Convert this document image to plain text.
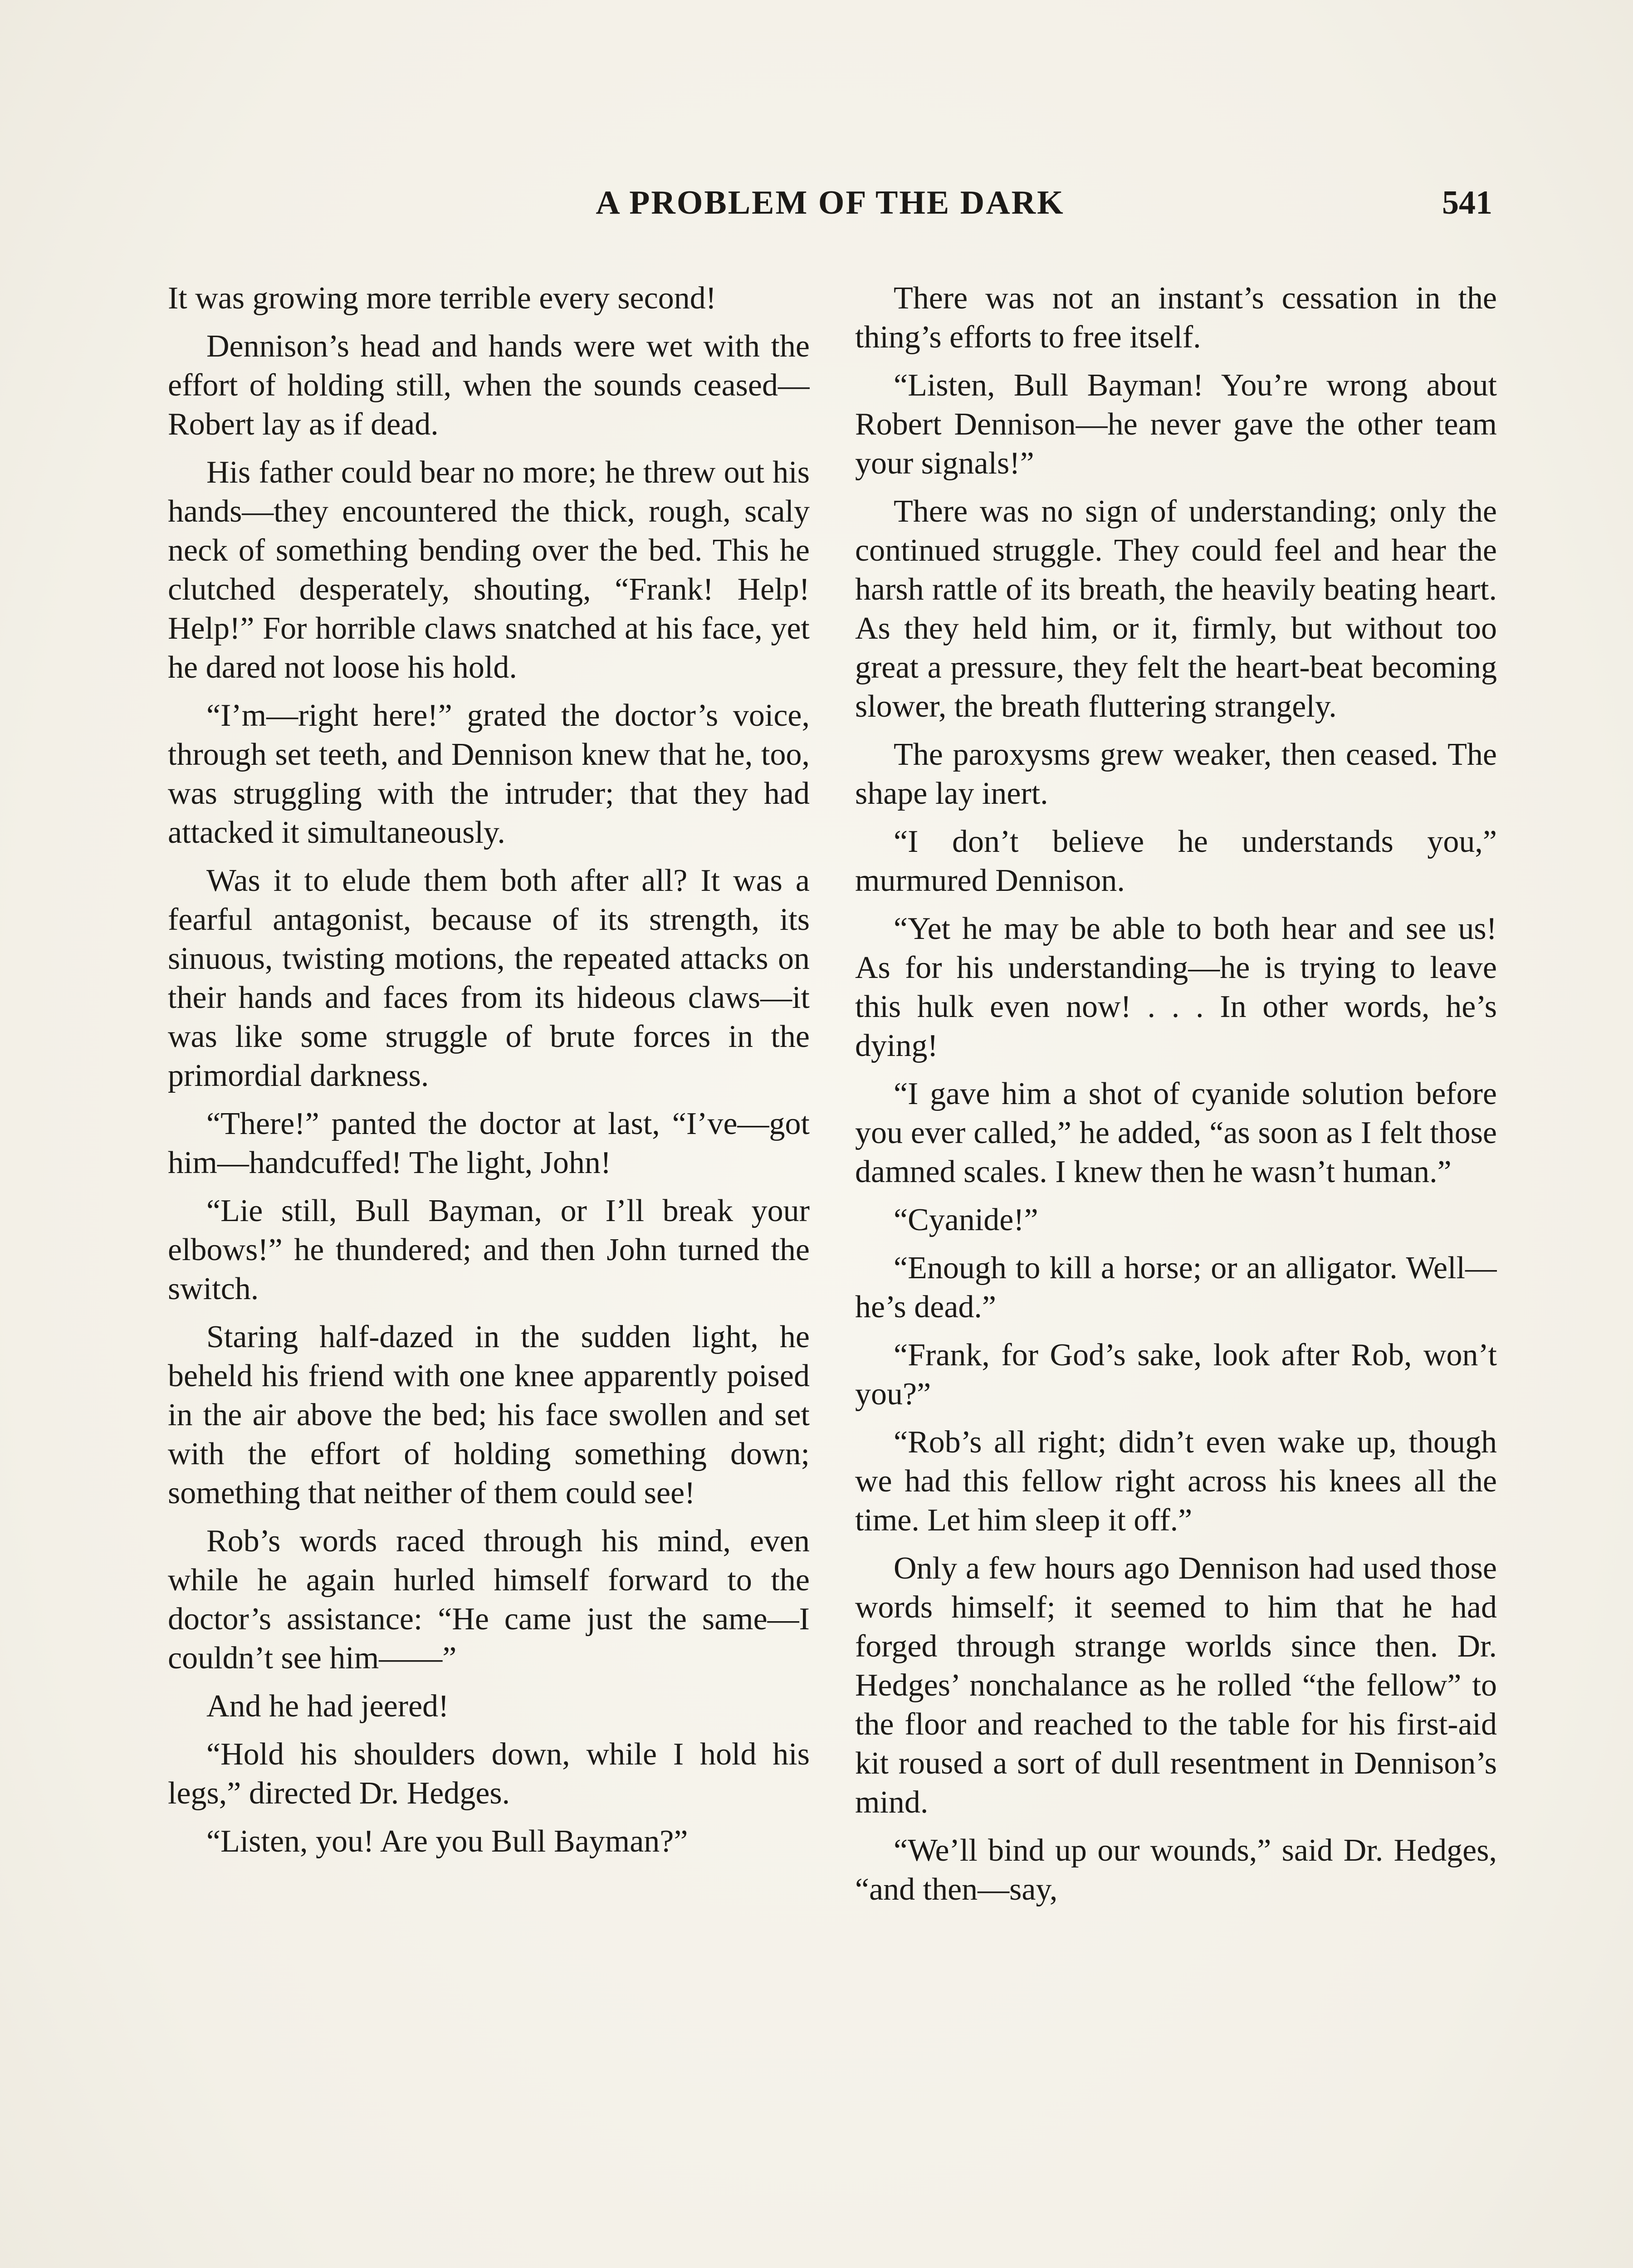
A PROBLEM OF THE DARK	541

It was growing more terrible every second!

Dennison’s head and hands were wet with the effort of holding still, when the sounds ceased—Robert lay as if dead.

His father could bear no more; he threw out his hands—they encountered the thick, rough, scaly neck of something bending over the bed. This he clutched desperately, shouting, “Frank! Help! Help!” For horrible claws snatched at his face, yet he dared not loose his hold.

“I’m—right here!” grated the doctor’s voice, through set teeth, and Dennison knew that he, too, was struggling with the intruder; that they had attacked it simultaneously.

Was it to elude them both after all? It was a fearful antagonist, because of its strength, its sinuous, twisting motions, the repeated attacks on their hands and faces from its hideous claws—it was like some struggle of brute forces in the primordial darkness.

“There!” panted the doctor at last, “I’ve—got him—handcuffed! The light, John!

“Lie still, Bull Bayman, or I’ll break your elbows!” he thundered; and then John turned the switch.

Staring half-dazed in the sudden light, he beheld his friend with one knee apparently poised in the air above the bed; his face swollen and set with the effort of holding something down; something that neither of them could see!

Rob’s words raced through his mind, even while he again hurled himself forward to the doctor’s assistance: “He came just the same—I couldn’t see him——”

And he had jeered!

“Hold his shoulders down, while I hold his legs,” directed Dr. Hedges.

“Listen, you! Are you Bull Bayman?”

There was not an instant’s cessation in the thing’s efforts to free itself.

“Listen, Bull Bayman! You’re wrong about Robert Dennison—he never gave the other team your signals!”

There was no sign of understanding; only the continued struggle. They could feel and hear the harsh rattle of its breath, the heavily beating heart. As they held him, or it, firmly, but without too great a pressure, they felt the heart-beat becoming slower, the breath fluttering strangely.

The paroxysms grew weaker, then ceased. The shape lay inert.

“I don’t believe he understands you,” murmured Dennison.

“Yet he may be able to both hear and see us! As for his understanding—he is trying to leave this hulk even now! . . . In other words, he’s dying!

“I gave him a shot of cyanide solution before you ever called,” he added, “as soon as I felt those damned scales. I knew then he wasn’t human.”

“Cyanide!”

“Enough to kill a horse; or an alligator. Well—he’s dead.”

“Frank, for God’s sake, look after Rob, won’t you?”

“Rob’s all right; didn’t even wake up, though we had this fellow right across his knees all the time. Let him sleep it off.”

Only a few hours ago Dennison had used those words himself; it seemed to him that he had forged through strange worlds since then. Dr. Hedges’ nonchalance as he rolled “the fellow” to the floor and reached to the table for his first-aid kit roused a sort of dull resentment in Dennison’s mind.

“We’ll bind up our wounds,” said Dr. Hedges, “and then—say,
